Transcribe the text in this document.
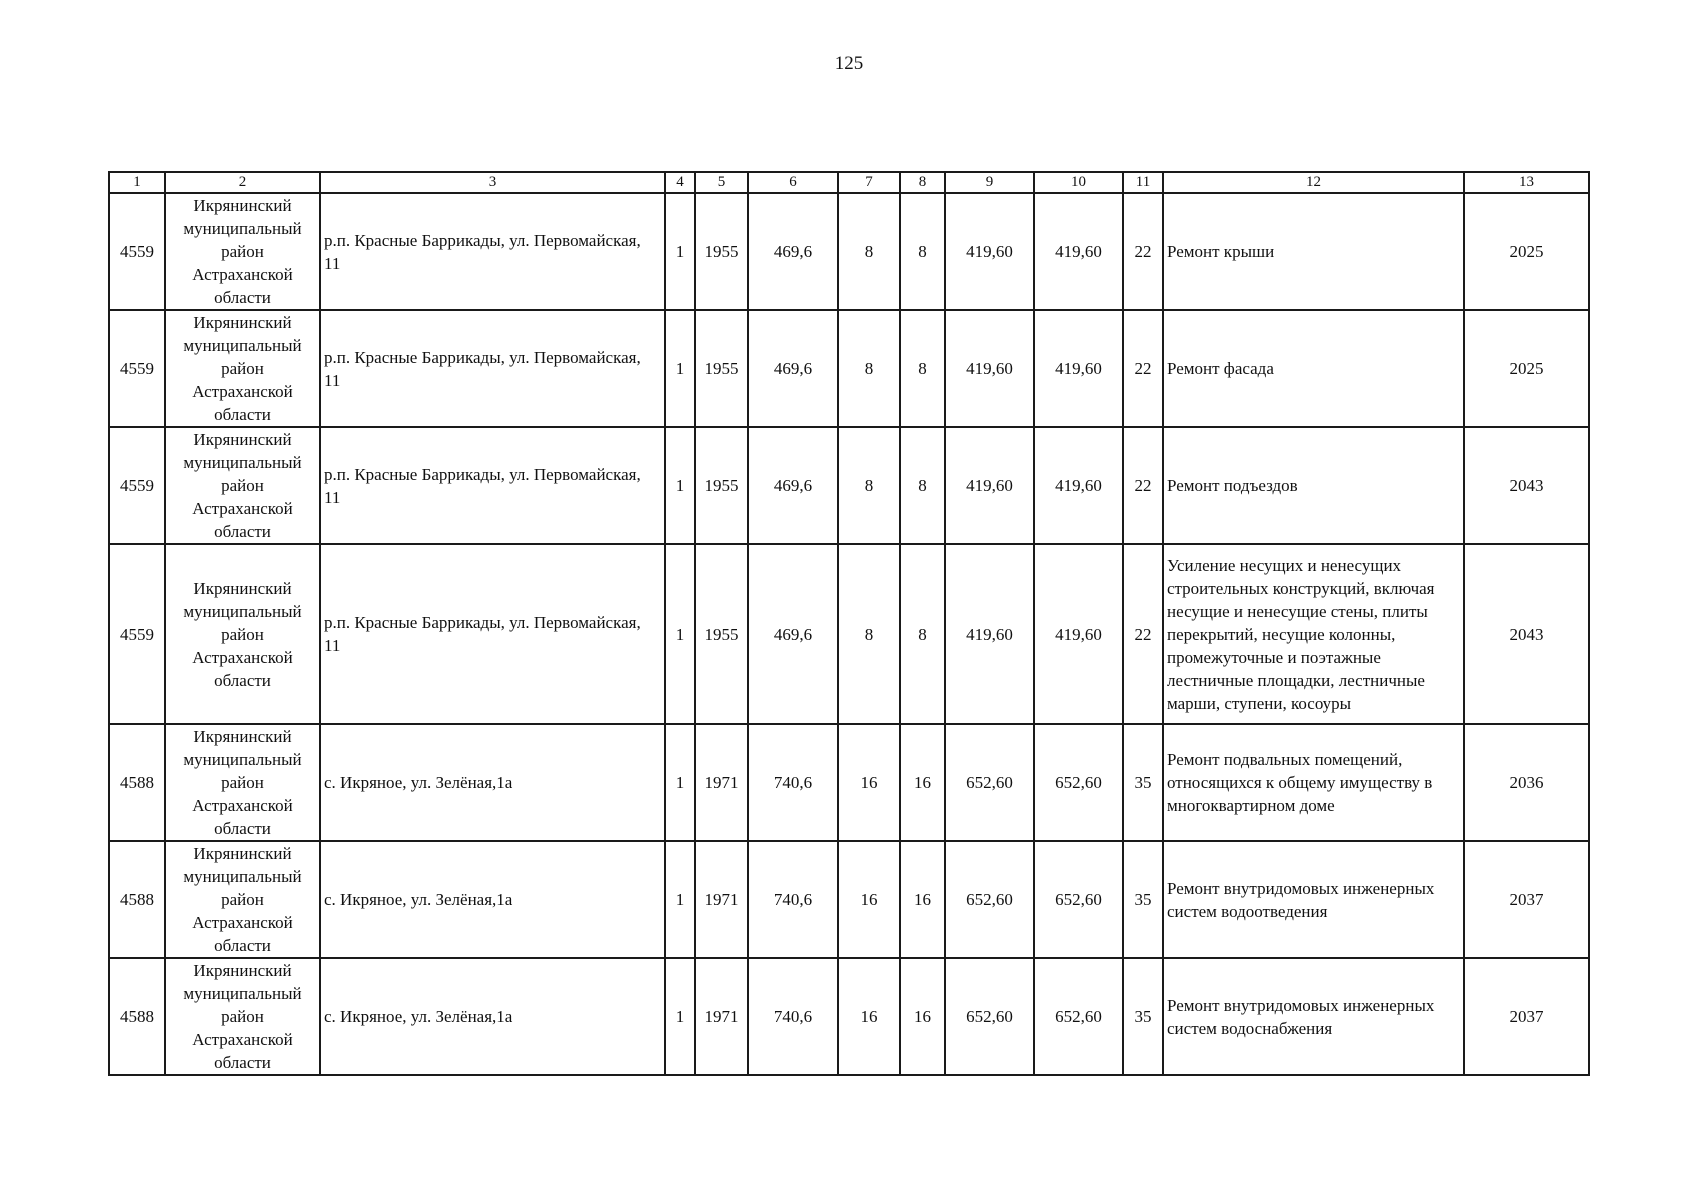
125
1	2	3	4	5	6	7	8	9	10	11	12	13
4559	Икрянинский муниципальный район Астраханской области	р.п. Красные Баррикады, ул. Первомайская, 11	1	1955	469,6	8	8	419,60	419,60	22	Ремонт крыши	2025
4559	Икрянинский муниципальный район Астраханской области	р.п. Красные Баррикады, ул. Первомайская, 11	1	1955	469,6	8	8	419,60	419,60	22	Ремонт фасада	2025
4559	Икрянинский муниципальный район Астраханской области	р.п. Красные Баррикады, ул. Первомайская, 11	1	1955	469,6	8	8	419,60	419,60	22	Ремонт подъездов	2043
4559	Икрянинский муниципальный район Астраханской области	р.п. Красные Баррикады, ул. Первомайская, 11	1	1955	469,6	8	8	419,60	419,60	22	Усиление несущих и ненесущих строительных конструкций, включая несущие и ненесущие стены, плиты перекрытий, несущие колонны, промежуточные и поэтажные лестничные площадки, лестничные марши, ступени, косоуры	2043
4588	Икрянинский муниципальный район Астраханской области	с. Икряное, ул. Зелёная,1а	1	1971	740,6	16	16	652,60	652,60	35	Ремонт подвальных помещений, относящихся к общему имуществу в многоквартирном доме	2036
4588	Икрянинский муниципальный район Астраханской области	с. Икряное, ул. Зелёная,1а	1	1971	740,6	16	16	652,60	652,60	35	Ремонт внутридомовых инженерных систем водоотведения	2037
4588	Икрянинский муниципальный район Астраханской области	с. Икряное, ул. Зелёная,1а	1	1971	740,6	16	16	652,60	652,60	35	Ремонт внутридомовых инженерных систем водоснабжения	2037
